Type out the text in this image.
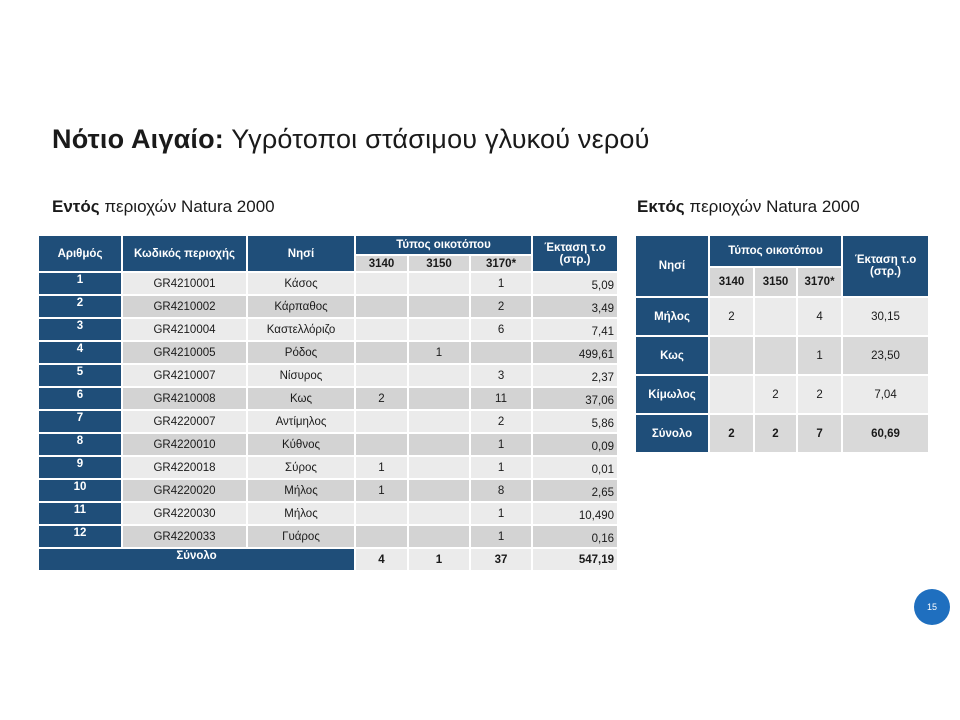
Νότιο Αιγαίο: Υγρότοποι στάσιμου γλυκού νερού
Εντός περιοχών Natura 2000	Εκτός περιοχών Natura 2000
Αριθμός	Κωδικός περιοχής	Νησί	Τύπος οικοτόπου			Έκταση τ.ο (στρ.)
			3140	3150	3170*	
1	GR4210001	Κάσος			1	5,09
2	GR4210002	Κάρπαθος			2	3,49
3	GR4210004	Καστελλόριζο			6	7,41
4	GR4210005	Ρόδος		1		499,61
5	GR4210007	Νίσυρος			3	2,37
6	GR4210008	Κως	2		11	37,06
7	GR4220007	Αντίμηλος			2	5,86
8	GR4220010	Κύθνος			1	0,09
9	GR4220018	Σύρος	1		1	0,01
10	GR4220020	Μήλος	1		8	2,65
11	GR4220030	Μήλος			1	10,490
12	GR4220033	Γυάρος			1	0,16
Σύνολο			4	1	37	547,19
Νησί	Τύπος οικοτόπου			Έκταση τ.ο (στρ.)
	3140	3150	3170*	
Μήλος	2		4	30,15
Κως			1	23,50
Κίμωλος		2	2	7,04
Σύνολο	2	2	7	60,69
15
